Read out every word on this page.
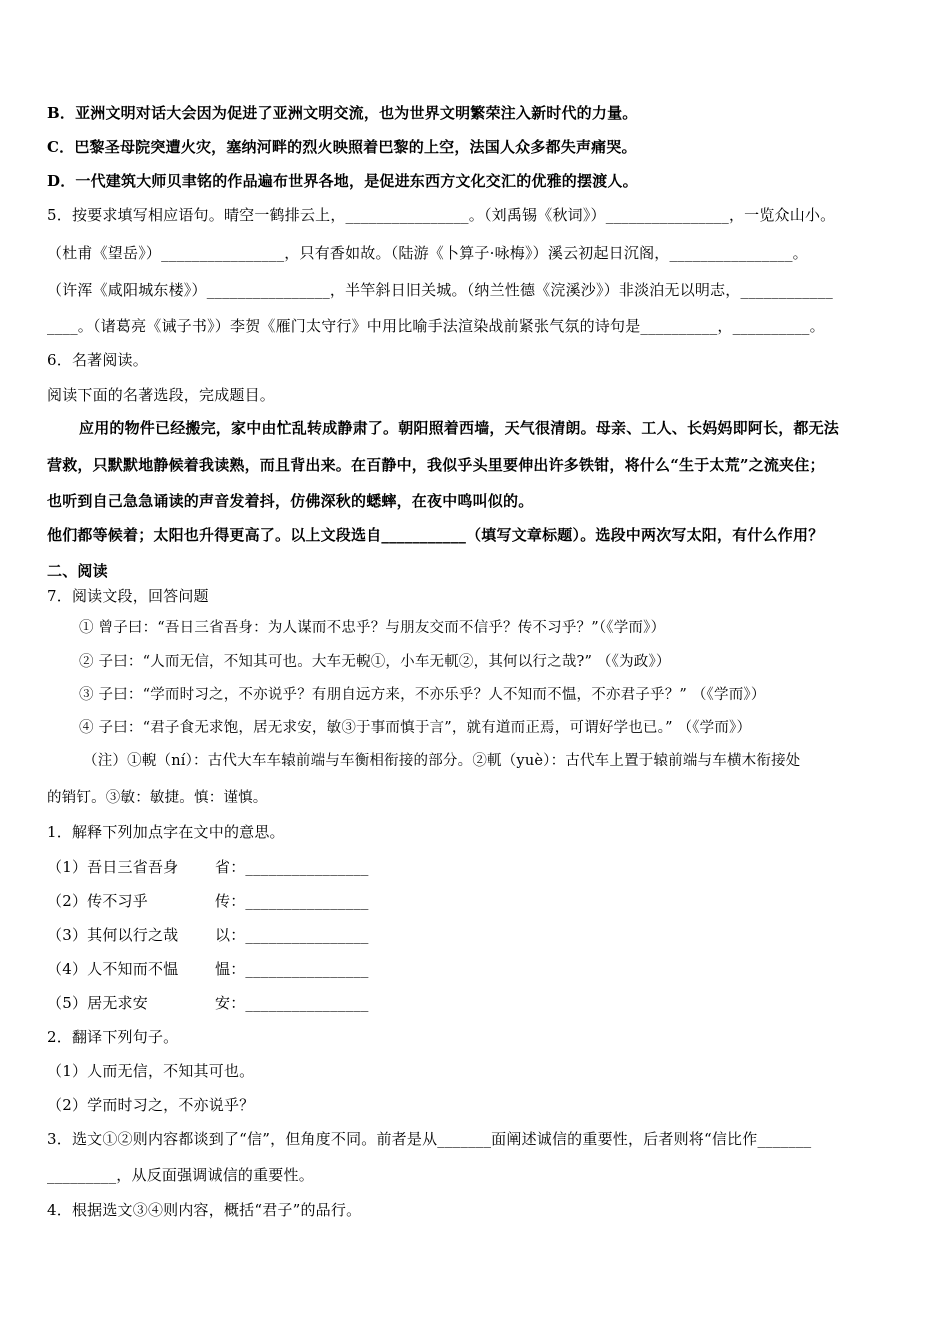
B．亚洲文明对话大会因为促进了亚洲文明交流，也为世界文明繁荣注入新时代的力量。
C．巴黎圣母院突遭火灾，塞纳河畔的烈火映照着巴黎的上空，法国人众多都失声痛哭。
D．一代建筑大师贝聿铭的作品遍布世界各地，是促进东西方文化交汇的优雅的摆渡人。
5．按要求填写相应语句。晴空一鹤排云上，________________。（刘禹锡《秋词》）________________，一览众山小。
（杜甫《望岳》）________________，只有香如故。（陆游《卜算子·咏梅》）溪云初起日沉阁，________________。
（许浑《咸阳城东楼》）________________，半竿斜日旧关城。（纳兰性德《浣溪沙》）非淡泊无以明志，____________
____。（诸葛亮《诫子书》）李贺《雁门太守行》中用比喻手法渲染战前紧张气氛的诗句是__________，__________。
6．名著阅读。
阅读下面的名著选段，完成题目。
应用的物件已经搬完，家中由忙乱转成静肃了。朝阳照着西墙，天气很清朗。母亲、工人、长妈妈即阿长，都无法
营救，只默默地静候着我读熟，而且背出来。在百静中，我似乎头里要伸出许多铁钳，将什么“生于太荒”之流夹住；
也听到自己急急诵读的声音发着抖，仿佛深秋的蟋蟀，在夜中鸣叫似的。
他们都等候着；太阳也升得更高了。以上文段选自___________（填写文章标题）。选段中两次写太阳，有什么作用？
二、阅读
7．阅读文段，回答问题
① 曾子曰：“吾日三省吾身：为人谋而不忠乎？与朋友交而不信乎？传不习乎？”（《学而》）
② 子曰：“人而无信，不知其可也。大车无輗①，小车无軏②，其何以行之哉?” （《为政》）
③ 子曰：“学而时习之，不亦说乎？有朋自远方来，不亦乐乎？人不知而不愠，不亦君子乎？” （《学而》）
④ 子曰：“君子食无求饱，居无求安，敏③于事而慎于言”，就有道而正焉，可谓好学也已。” （《学而》）
（注）①輗（ní）：古代大车车辕前端与车衡相衔接的部分。②軏（yuè）：古代车上置于辕前端与车横木衔接处
的销钉。③敏：敏捷。慎：谨慎。
1．解释下列加点字在文中的意思。
（1）吾日三省吾身 省：________________
（2）传不习乎	传：________________
（3）其何以行之哉 以：________________
（4）人不知而不愠 愠：________________
（5）居无求安	安：________________
2．翻译下列句子。
（1）人而无信，不知其可也。
（2）学而时习之，不亦说乎？
3．选文①②则内容都谈到了“信”，但角度不同。前者是从_______面阐述诚信的重要性，后者则将“信比作_______
_________，从反面强调诚信的重要性。
4．根据选文③④则内容，概括“君子”的品行。
